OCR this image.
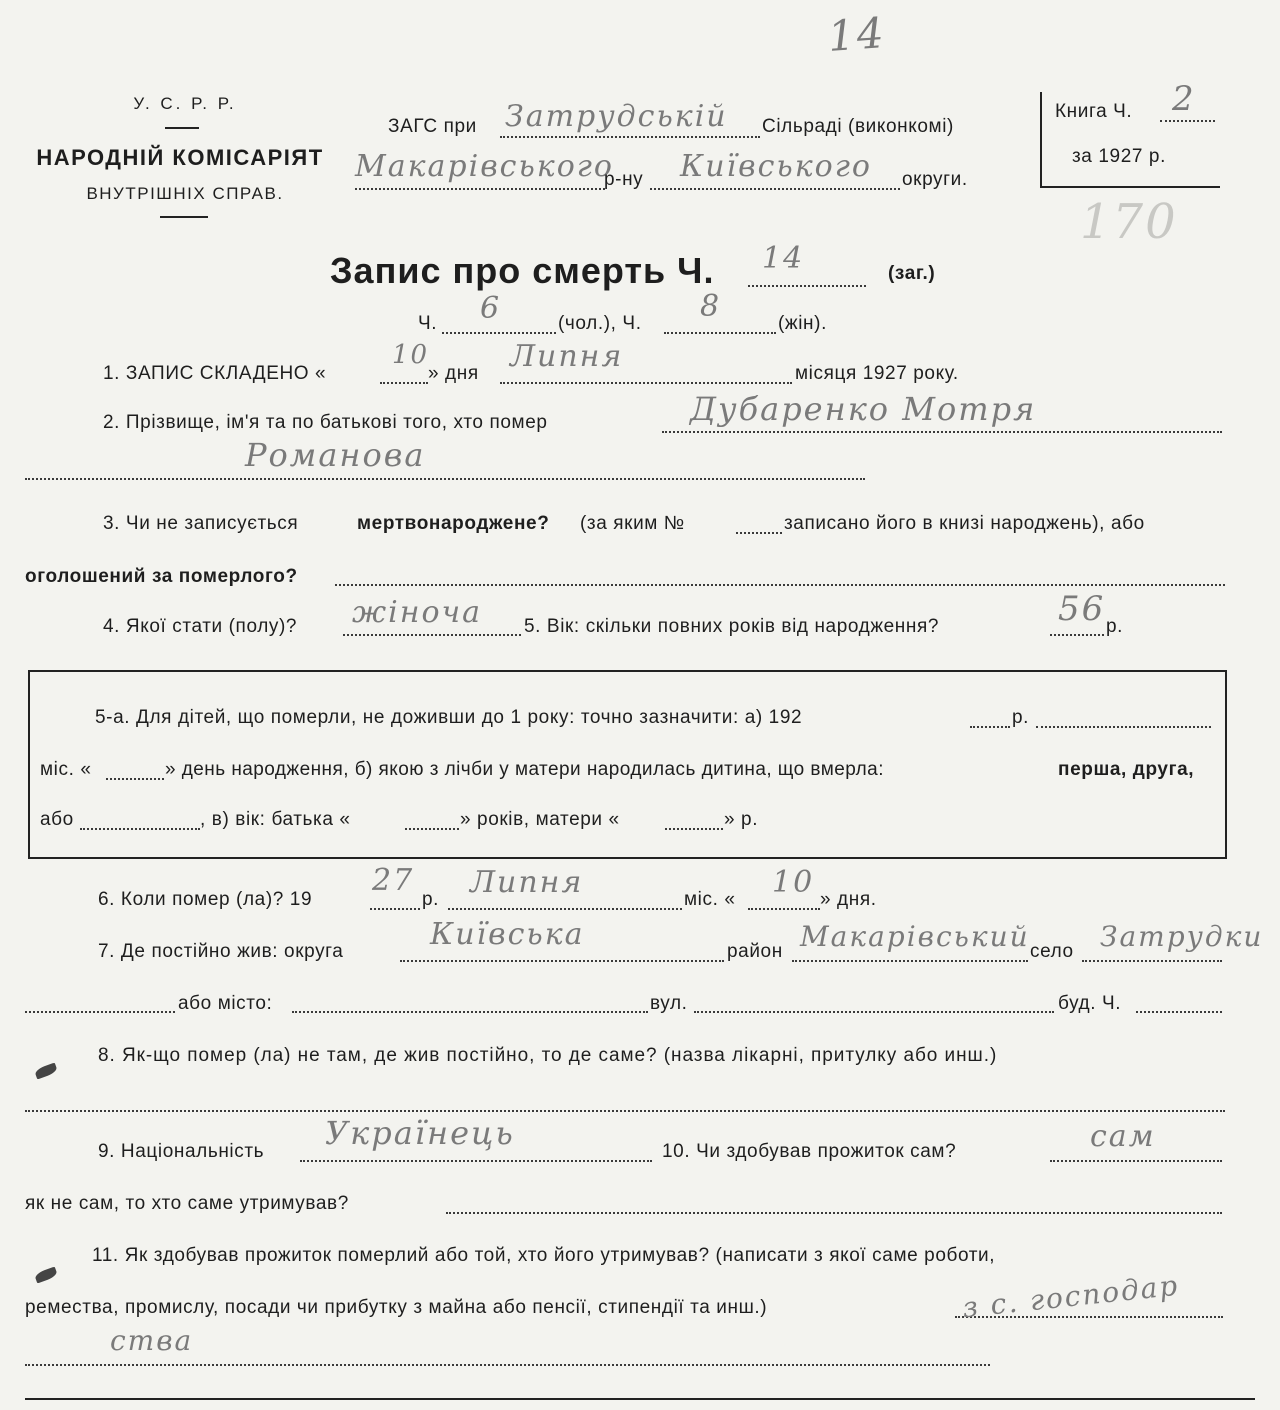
14
170
У. С. Р. Р.
НАРОДНІЙ КОМІСАРІЯТ
ВНУТРІШНІХ СПРАВ.
ЗАГС при Затрудській Сільраді (виконкомі)
Макарівського
р-ну Київського округи.
Книга Ч. 2
за 1927 р.
Запис про смерть Ч. 14	(заг.)
Ч. 6	(чол.), Ч. 8	(жін).
1. ЗАПИС СКЛАДЕНО «
10
» дня Липня	місяця 1927 року.
2. Прізвище, ім'я та по батькові того, хто помер	Дубаренко Мотря
Романова
3. Чи не записується	мертвонароджене? (за яким №	записано його в книзі народжень), або
оголошений за померлого?
4. Якої стати (полу)? жіноча 5. Вік: скільки повних років від народження?	56 р.
5-а. Для дітей, що померли, не доживши до 1 року: точно зазначити: а) 192	р.
міс. «	» день народження, б) якою з лічби у матери народилась дитина, що вмерла:	перша, друга,
або	, в) вік: батька «	» років, матери «	» р.
6. Коли помер (ла)? 19
27
р. Липня	міс. « 10 » дня.
7. Де постійно жив: округа	Київська	район Макарівський село Затрудки
або місто:	вул.	буд. Ч.
8. Як-що помер (ла) не там, де жив постійно, то де саме? (назва лікарні, притулку або инш.)
9. Національність Українець	10. Чи здобував прожиток сам?	сам
як не сам, то хто саме утримував?
11. Як здобував прожиток померлий або той, хто його утримував? (написати з якої саме роботи,
ремества, промислу, посади чи прибутку з майна або пенсії, стипендії та инш.)	з с. господар
ства
